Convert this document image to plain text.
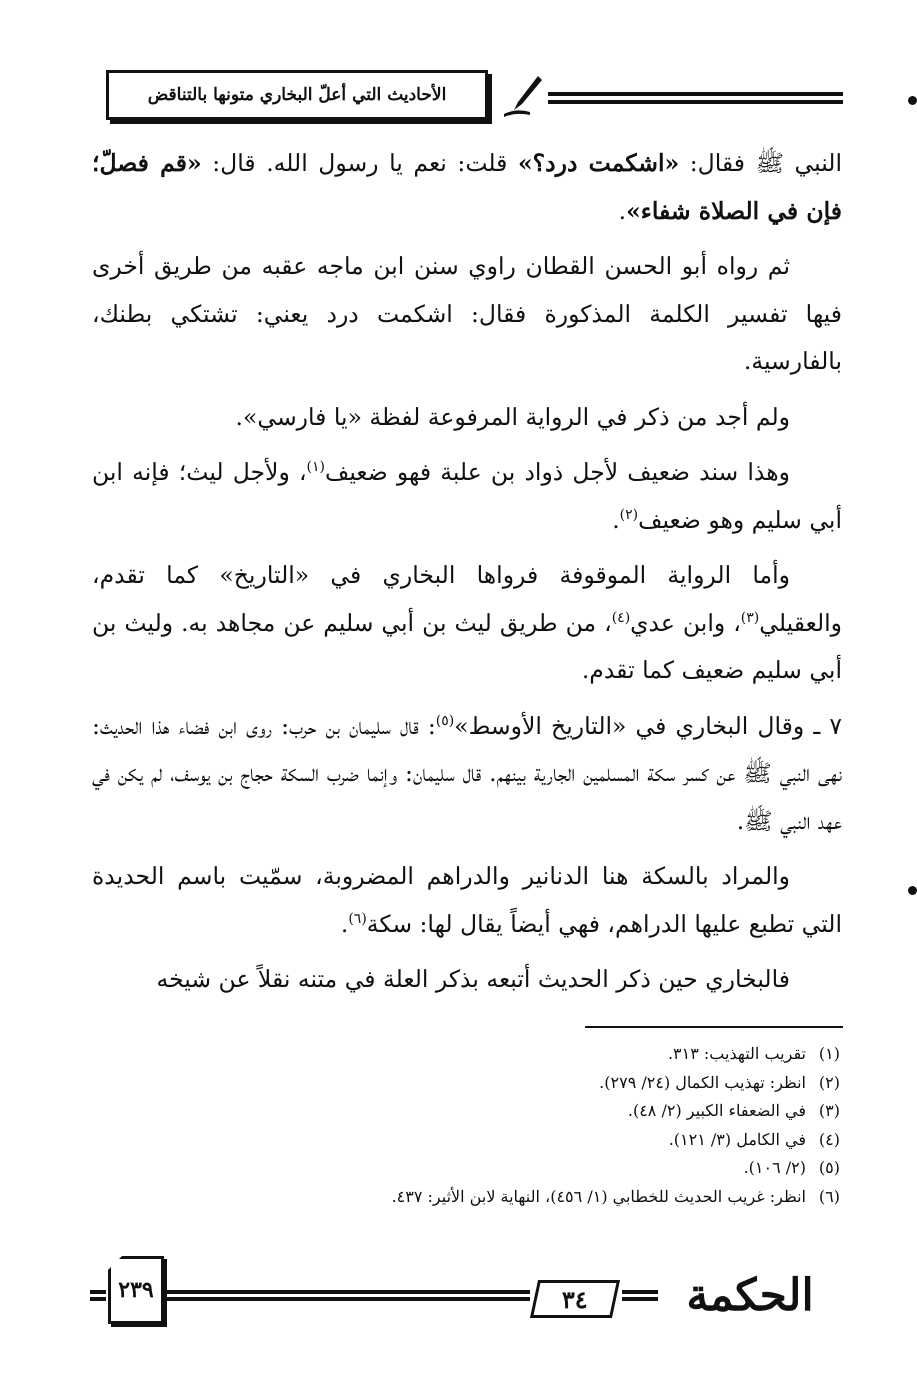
الأحاديث التي أعلّ البخاري متونها بالتناقض

النبي ﷺ فقال: «اشكمت درد؟» قلت: نعم يا رسول الله. قال: «قم فصلّ؛ فإن في الصلاة شفاء».

ثم رواه أبو الحسن القطان راوي سنن ابن ماجه عقبه من طريق أخرى فيها تفسير الكلمة المذكورة فقال: اشكمت درد يعني: تشتكي بطنك، بالفارسية.

ولم أجد من ذكر في الرواية المرفوعة لفظة «يا فارسي».

وهذا سند ضعيف لأجل ذواد بن علبة فهو ضعيف$^{(١)}$، ولأجل ليث؛ فإنه ابن أبي سليم وهو ضعيف$^{(٢)}$.

وأما الرواية الموقوفة فرواها البخاري في «التاريخ» كما تقدم، والعقيلي$^{(٣)}$، وابن عدي$^{(٤)}$، من طريق ليث بن أبي سليم عن مجاهد به. وليث بن أبي سليم ضعيف كما تقدم.

٧ ـ وقال البخاري في «التاريخ الأوسط»$^{(٥)}$: قال سليمان بن حرب: روى ابن فضاء هذا الحديث: نهى النبي ﷺ عن كسر سكة المسلمين الجارية بينهم. قال سليمان: وإنما ضرب السكة حجاج بن يوسف، لم يكن في عهد النبي ﷺ.

والمراد بالسكة هنا الدنانير والدراهم المضروبة، سمّيت باسم الحديدة التي تطبع عليها الدراهم، فهي أيضاً يقال لها: سكة$^{(٦)}$.

فالبخاري حين ذكر الحديث أتبعه بذكر العلة في متنه نقلاً عن شيخه

(١)تقريب التهذيب: ٣١٣.
(٢)انظر: تهذيب الكمال (٢٤/ ٢٧٩).
(٣)في الضعفاء الكبير (٢/ ٤٨).
(٤)في الكامل (٣/ ١٢١).
(٥)(٢/ ١٠٦).
(٦)انظر: غريب الحديث للخطابي (١/ ٤٥٦)، النهاية لابن الأثير: ٤٣٧.
٢٣٩	٣٤	الحكمة
